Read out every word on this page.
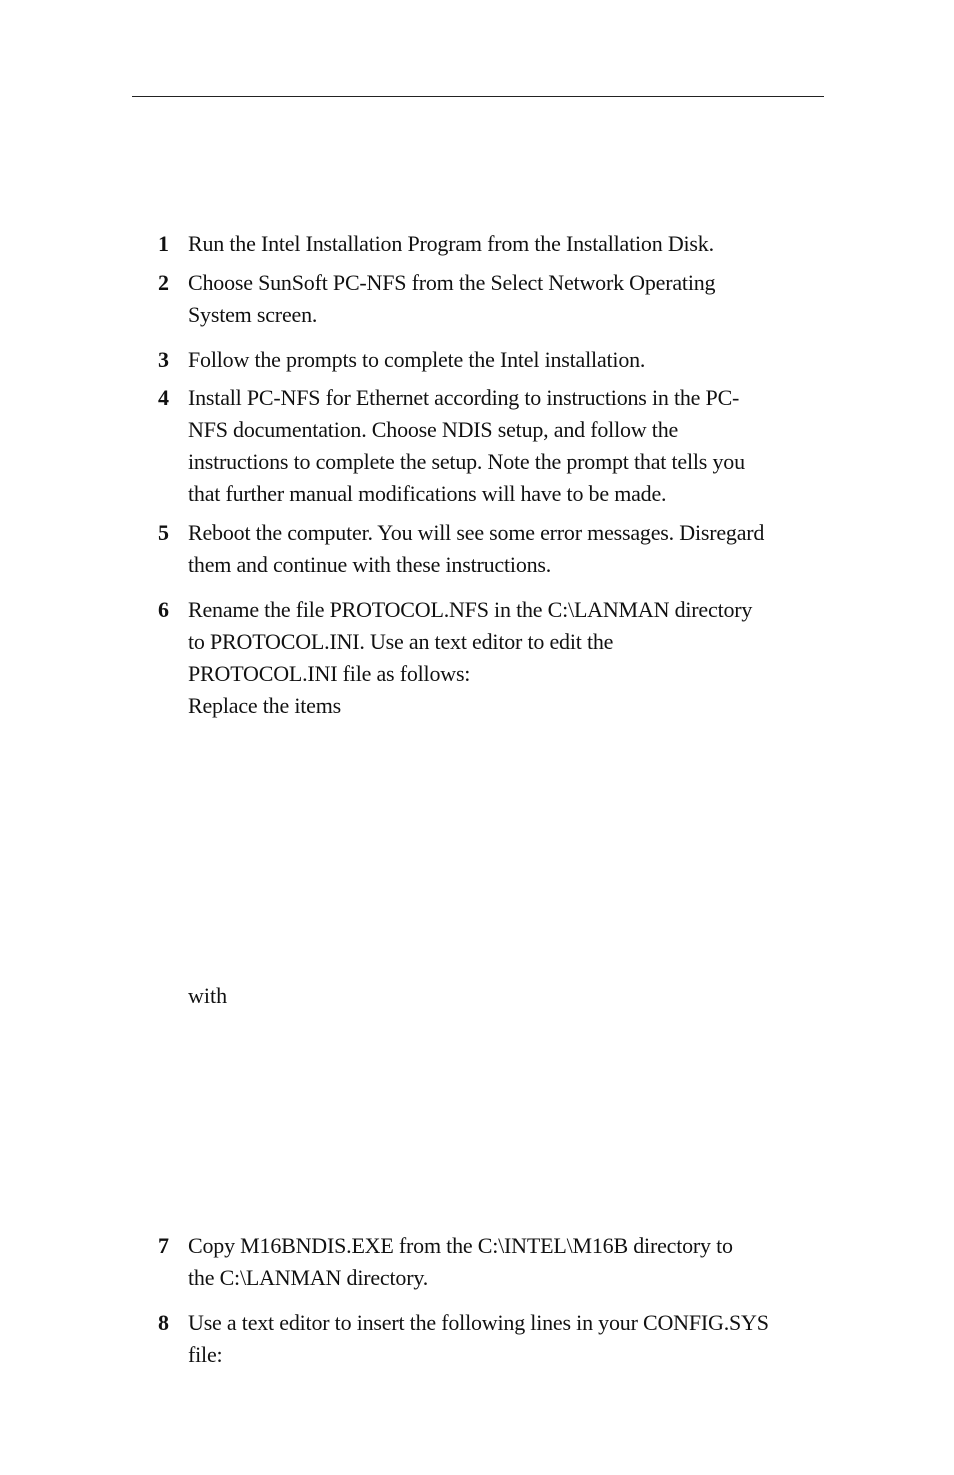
1 Run the Intel Installation Program from the Installation Disk.
2 Choose SunSoft PC-NFS from the Select Network Operating
System screen.
3 Follow the prompts to complete the Intel installation.
4 Install PC-NFS for Ethernet according to instructions in the PC-
NFS documentation. Choose NDIS setup, and follow the
instructions to complete the setup. Note the prompt that tells you
that further manual modifications will have to be made.
5 Reboot the computer. You will see some error messages. Disregard
them and continue with these instructions.
6 Rename the file PROTOCOL.NFS in the C:\LANMAN directory
to PROTOCOL.INI. Use an text editor to edit the
PROTOCOL.INI file as follows:
Replace the items
with
7 Copy M16BNDIS.EXE from the C:\INTEL\M16B directory to
the C:\LANMAN directory.
8 Use a text editor to insert the following lines in your CONFIG.SYS
file:
